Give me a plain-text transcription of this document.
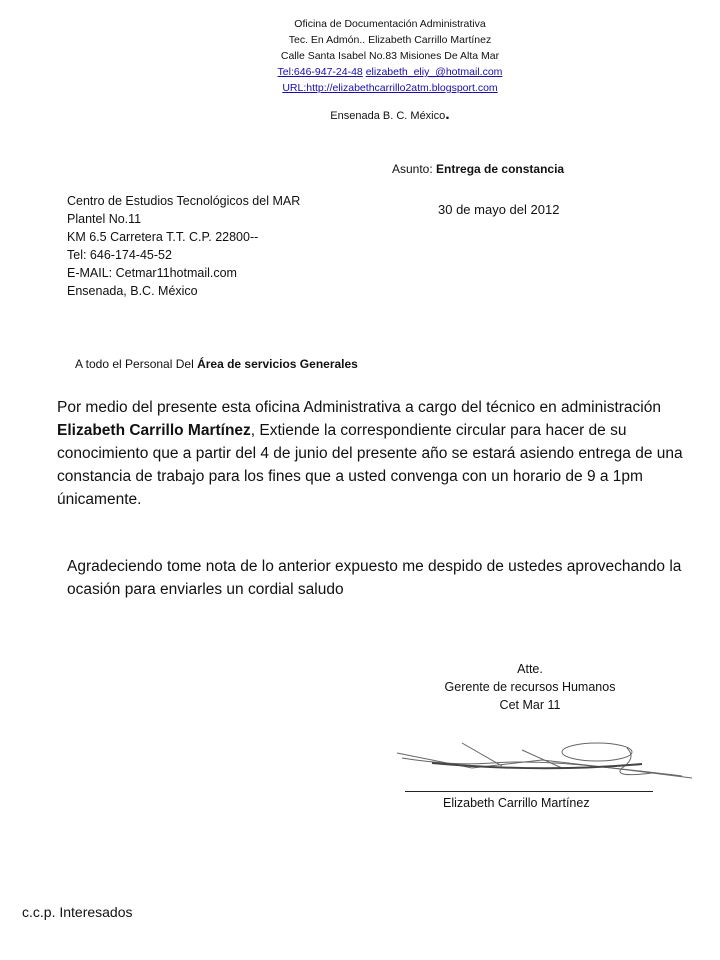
Oficina de Documentación Administrativa
Tec. En Admón.. Elizabeth Carrillo Martínez
Calle Santa Isabel No.83 Misiones De Alta Mar
Tel:646-947-24-48 elizabeth_eliy_@hotmail.com
URL:http://elizabethcarrillo2atm.blogsport.com
Ensenada B. C. México.
Asunto: Entrega de constancia
30 de mayo del 2012
Centro de Estudios Tecnológicos del MAR
Plantel No.11
KM 6.5 Carretera T.T. C.P. 22800--
Tel: 646-174-45-52
E-MAIL: Cetmar11hotmail.com
Ensenada, B.C. México
A todo el Personal Del Área de servicios Generales
Por medio del presente esta oficina Administrativa a cargo del técnico en administración Elizabeth Carrillo Martínez, Extiende la correspondiente circular para hacer de su conocimiento que a partir del 4 de junio del presente año se estará asiendo entrega de una constancia de trabajo para los fines que a usted convenga con un horario de 9 a 1pm únicamente.
Agradeciendo tome nota de lo anterior expuesto me despido de ustedes aprovechando la ocasión para enviarles un cordial saludo
Atte.
Gerente de recursos Humanos
Cet Mar 11
Elizabeth Carrillo Martínez
c.c.p. Interesados
